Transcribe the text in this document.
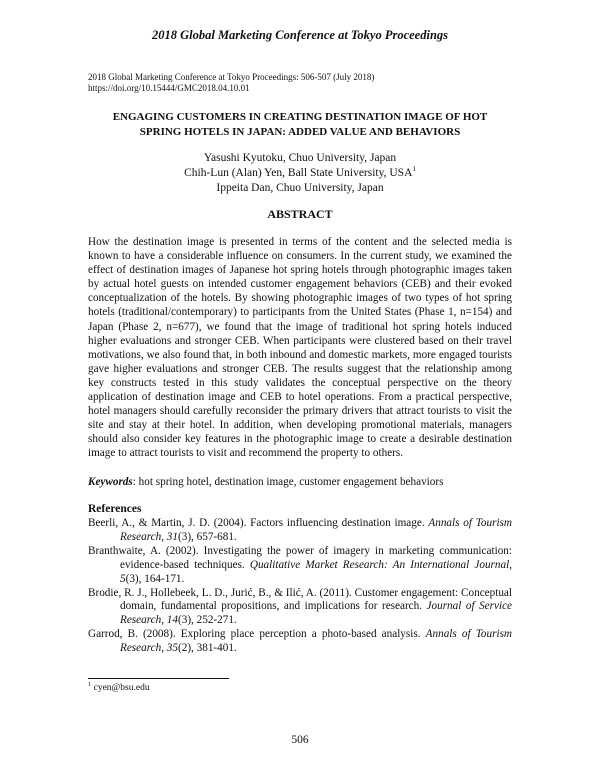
2018 Global Marketing Conference at Tokyo Proceedings
2018 Global Marketing Conference at Tokyo Proceedings: 506-507 (July 2018)
https://doi.org/10.15444/GMC2018.04.10.01
ENGAGING CUSTOMERS IN CREATING DESTINATION IMAGE OF HOT
SPRING HOTELS IN JAPAN: ADDED VALUE AND BEHAVIORS
Yasushi Kyutoku, Chuo University, Japan
Chih-Lun (Alan) Yen, Ball State University, USA$^1$
Ippeita Dan, Chuo University, Japan
ABSTRACT
How the destination image is presented in terms of the content and the selected media is known to have a considerable influence on consumers. In the current study, we examined the effect of destination images of Japanese hot spring hotels through photographic images taken by actual hotel guests on intended customer engagement behaviors (CEB) and their evoked conceptualization of the hotels. By showing photographic images of two types of hot spring hotels (traditional/contemporary) to participants from the United States (Phase 1, n=154) and Japan (Phase 2, n=677), we found that the image of traditional hot spring hotels induced higher evaluations and stronger CEB. When participants were clustered based on their travel motivations, we also found that, in both inbound and domestic markets, more engaged tourists gave higher evaluations and stronger CEB. The results suggest that the relationship among key constructs tested in this study validates the conceptual perspective on the theory application of destination image and CEB to hotel operations. From a practical perspective, hotel managers should carefully reconsider the primary drivers that attract tourists to visit the site and stay at their hotel. In addition, when developing promotional materials, managers should also consider key features in the photographic image to create a desirable destination image to attract tourists to visit and recommend the property to others.
Keywords: hot spring hotel, destination image, customer engagement behaviors
References

Beerli, A., & Martin, J. D. (2004). Factors influencing destination image. Annals of Tourism Research, 31(3), 657-681.

Branthwaite, A. (2002). Investigating the power of imagery in marketing communication: evidence-based techniques. Qualitative Market Research: An International Journal, 5(3), 164-171.

Brodie, R. J., Hollebeek, L. D., Jurić, B., & Ilić, A. (2011). Customer engagement: Conceptual domain, fundamental propositions, and implications for research. Journal of Service Research, 14(3), 252-271.

Garrod, B. (2008). Exploring place perception a photo-based analysis. Annals of Tourism Research, 35(2), 381-401.

$^1$ cyen@bsu.edu
506
